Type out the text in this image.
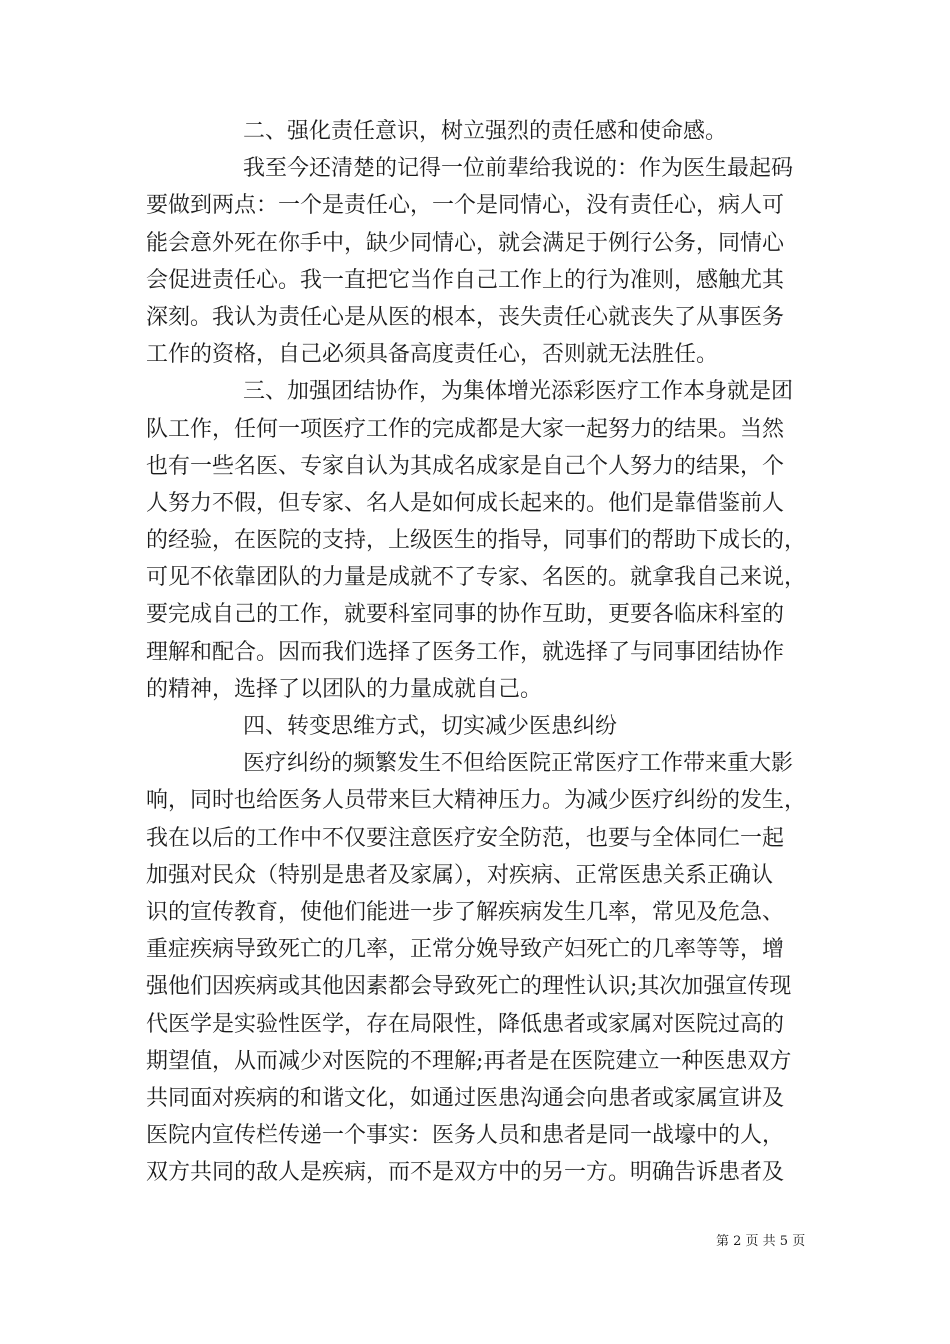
二、强化责任意识，树立强烈的责任感和使命感。
我至今还清楚的记得一位前辈给我说的：作为医生最起码
要做到两点：一个是责任心，一个是同情心，没有责任心，病人可
能会意外死在你手中，缺少同情心，就会满足于例行公务，同情心
会促进责任心。我一直把它当作自己工作上的行为准则，感触尤其
深刻。我认为责任心是从医的根本，丧失责任心就丧失了从事医务
工作的资格，自己必须具备高度责任心，否则就无法胜任。
三、加强团结协作，为集体增光添彩医疗工作本身就是团
队工作，任何一项医疗工作的完成都是大家一起努力的结果。当然
也有一些名医、专家自认为其成名成家是自己个人努力的结果，个
人努力不假，但专家、名人是如何成长起来的。他们是靠借鉴前人
的经验，在医院的支持，上级医生的指导，同事们的帮助下成长的，
可见不依靠团队的力量是成就不了专家、名医的。就拿我自己来说，
要完成自己的工作，就要科室同事的协作互助，更要各临床科室的
理解和配合。因而我们选择了医务工作，就选择了与同事团结协作
的精神，选择了以团队的力量成就自己。
四、转变思维方式，切实减少医患纠纷
医疗纠纷的频繁发生不但给医院正常医疗工作带来重大影
响，同时也给医务人员带来巨大精神压力。为减少医疗纠纷的发生，
我在以后的工作中不仅要注意医疗安全防范，也要与全体同仁一起
加强对民众（特别是患者及家属），对疾病、正常医患关系正确认
识的宣传教育，使他们能进一步了解疾病发生几率，常见及危急、
重症疾病导致死亡的几率，正常分娩导致产妇死亡的几率等等，增
强他们因疾病或其他因素都会导致死亡的理性认识;其次加强宣传现
代医学是实验性医学，存在局限性，降低患者或家属对医院过高的
期望值，从而减少对医院的不理解;再者是在医院建立一种医患双方
共同面对疾病的和谐文化，如通过医患沟通会向患者或家属宣讲及
医院内宣传栏传递一个事实：医务人员和患者是同一战壕中的人，
双方共同的敌人是疾病，而不是双方中的另一方。明确告诉患者及
第 2 页 共 5 页
